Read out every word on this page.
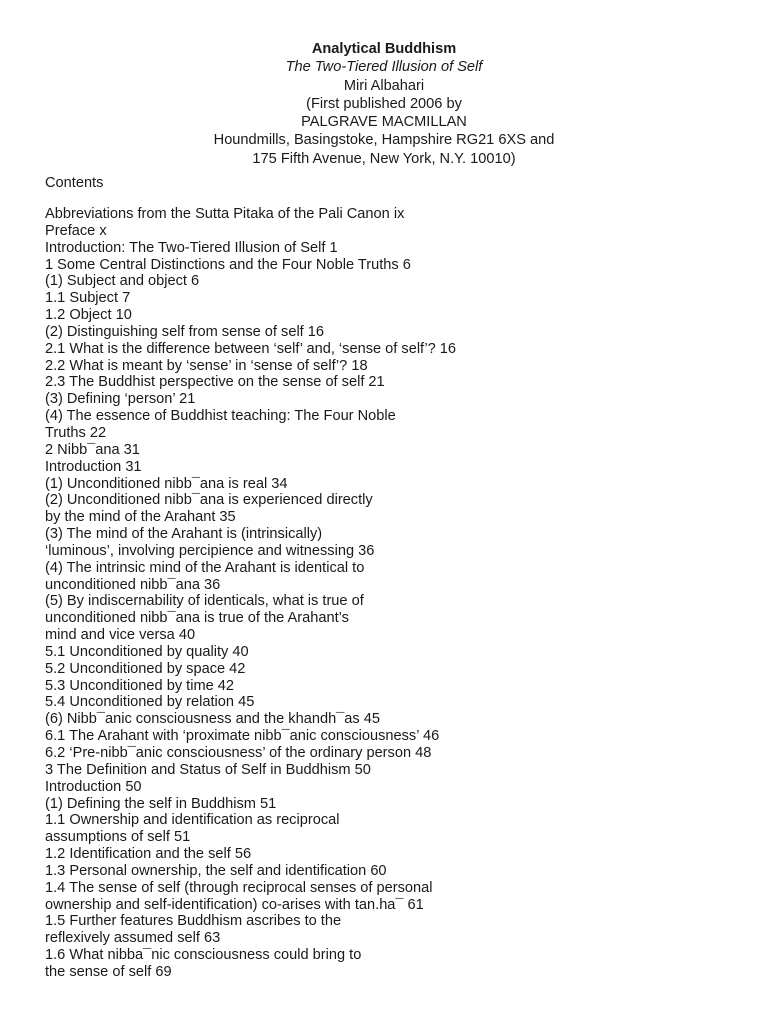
Analytical Buddhism
The Two-Tiered Illusion of Self
Miri Albahari
(First published 2006 by
PALGRAVE MACMILLAN
Houndmills, Basingstoke, Hampshire RG21 6XS and
175 Fifth Avenue, New York, N.Y. 10010)
Contents
Abbreviations from the Sutta Pitaka of the Pali Canon ix
Preface x
Introduction: The Two-Tiered Illusion of Self 1
1 Some Central Distinctions and the Four Noble Truths 6
(1) Subject and object 6
1.1 Subject 7
1.2 Object 10
(2) Distinguishing self from sense of self 16
2.1 What is the difference between ‘self’ and, ‘sense of self’? 16
2.2 What is meant by ‘sense’ in ‘sense of self’? 18
2.3 The Buddhist perspective on the sense of self 21
(3) Defining ‘person’ 21
(4) The essence of Buddhist teaching: The Four Noble
Truths 22
2 Nibb¯ana 31
Introduction 31
(1) Unconditioned nibb¯ana is real 34
(2) Unconditioned nibb¯ana is experienced directly
by the mind of the Arahant 35
(3) The mind of the Arahant is (intrinsically)
‘luminous’, involving percipience and witnessing 36
(4) The intrinsic mind of the Arahant is identical to
unconditioned nibb¯ana 36
(5) By indiscernability of identicals, what is true of
unconditioned nibb¯ana is true of the Arahant’s
mind and vice versa 40
5.1 Unconditioned by quality 40
5.2 Unconditioned by space 42
5.3 Unconditioned by time 42
5.4 Unconditioned by relation 45
(6) Nibb¯anic consciousness and the khandh¯as 45
6.1 The Arahant with ‘proximate nibb¯anic consciousness’ 46
6.2 ‘Pre-nibb¯anic consciousness’ of the ordinary person 48
3 The Definition and Status of Self in Buddhism 50
Introduction 50
(1) Defining the self in Buddhism 51
1.1 Ownership and identification as reciprocal
assumptions of self 51
1.2 Identification and the self 56
1.3 Personal ownership, the self and identification 60
1.4 The sense of self (through reciprocal senses of personal
ownership and self-identification) co-arises with tan.ha¯ 61
1.5 Further features Buddhism ascribes to the
reflexively assumed self 63
1.6 What nibba¯nic consciousness could bring to
the sense of self 69
